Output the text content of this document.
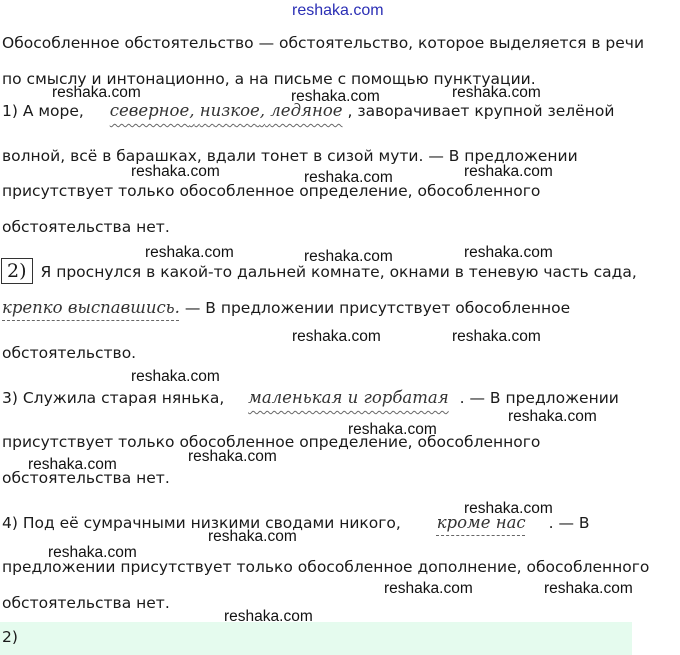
reshaka.com
Обособленное обстоятельство — обстоятельство, которое выделяется в речи
по смыслу и интонационно, а на письме с помощью пунктуации.
1) А море, северное, низкое, ледяное , заворачивает крупной зелёной
волной, всё в барашках, вдали тонет в сизой мути. — В предложении
присутствует только обособленное определение, обособленного
обстоятельства нет.
2) Я проснулся в какой-то дальней комнате, окнами в теневую часть сада,
крепко выспавшись. — В предложении присутствует обособленное
обстоятельство.
3) Служила старая нянька, маленькая и горбатая . — В предложении
присутствует только обособленное определение, обособленного
обстоятельства нет.
4) Под её сумрачными низкими сводами никого, кроме нас . — В
предложении присутствует только обособленное дополнение, обособленного
обстоятельства нет.
2)
reshaka.com
reshaka.com	reshaka.com
reshaka.com	reshaka.com	reshaka.com
reshaka.com	reshaka.com	reshaka.com
reshaka.com	reshaka.com
reshaka.com
reshaka.com
reshaka.com
reshaka.com
reshaka.com
reshaka.com
reshaka.com
reshaka.com
reshaka.com	reshaka.com
reshaka.com
